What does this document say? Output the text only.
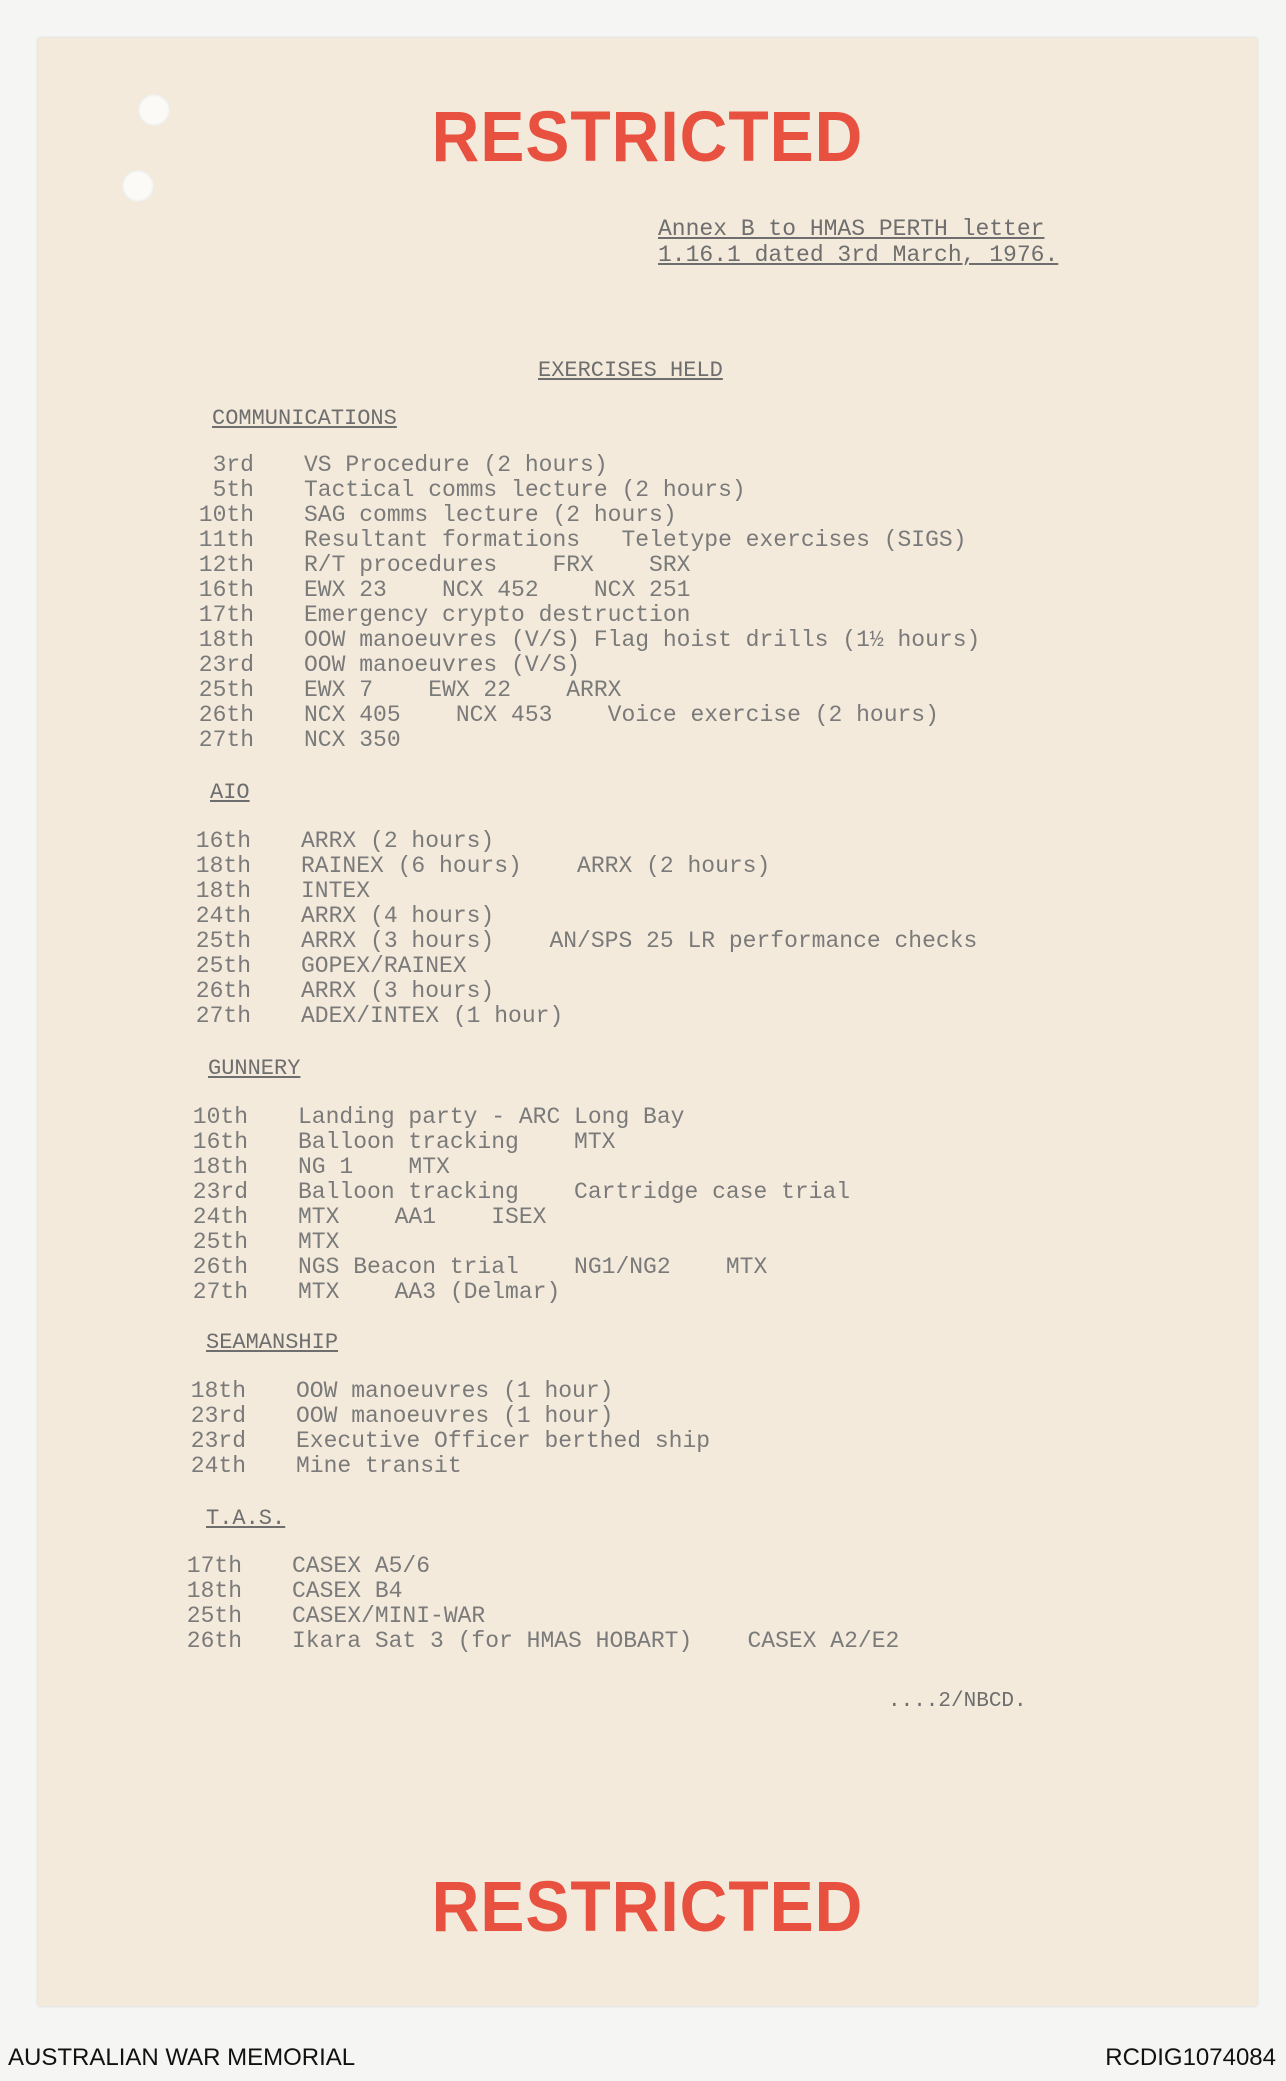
RESTRICTED
Annex B to HMAS PERTH letter
1.16.1 dated 3rd March, 1976.
EXERCISES HELD
COMMUNICATIONS
3rd VS Procedure (2 hours)
5th Tactical comms lecture (2 hours)
10th SAG comms lecture (2 hours)
11th Resultant formations   Teletype exercises (SIGS)
12th R/T procedures    FRX    SRX
16th EWX 23    NCX 452    NCX 251
17th Emergency crypto destruction
18th OOW manoeuvres (V/S) Flag hoist drills (1½ hours)
23rd OOW manoeuvres (V/S)
25th EWX 7    EWX 22    ARRX
26th NCX 405    NCX 453    Voice exercise (2 hours)
27th NCX 350
AIO
16th ARRX (2 hours)
18th RAINEX (6 hours)    ARRX (2 hours)
18th INTEX
24th ARRX (4 hours)
25th ARRX (3 hours)    AN/SPS 25 LR performance checks
25th GOPEX/RAINEX
26th ARRX (3 hours)
27th ADEX/INTEX (1 hour)
GUNNERY
10th Landing party - ARC Long Bay
16th Balloon tracking    MTX
18th NG 1    MTX
23rd Balloon tracking    Cartridge case trial
24th MTX    AA1    ISEX
25th MTX
26th NGS Beacon trial    NG1/NG2    MTX
27th MTX    AA3 (Delmar)
SEAMANSHIP
18th OOW manoeuvres (1 hour)
23rd OOW manoeuvres (1 hour)
23rd Executive Officer berthed ship
24th Mine transit
T.A.S.
17th CASEX A5/6
18th CASEX B4
25th CASEX/MINI-WAR
26th Ikara Sat 3 (for HMAS HOBART)    CASEX A2/E2
....2/NBCD.
RESTRICTED
AUSTRALIAN WAR MEMORIAL	RCDIG1074084
